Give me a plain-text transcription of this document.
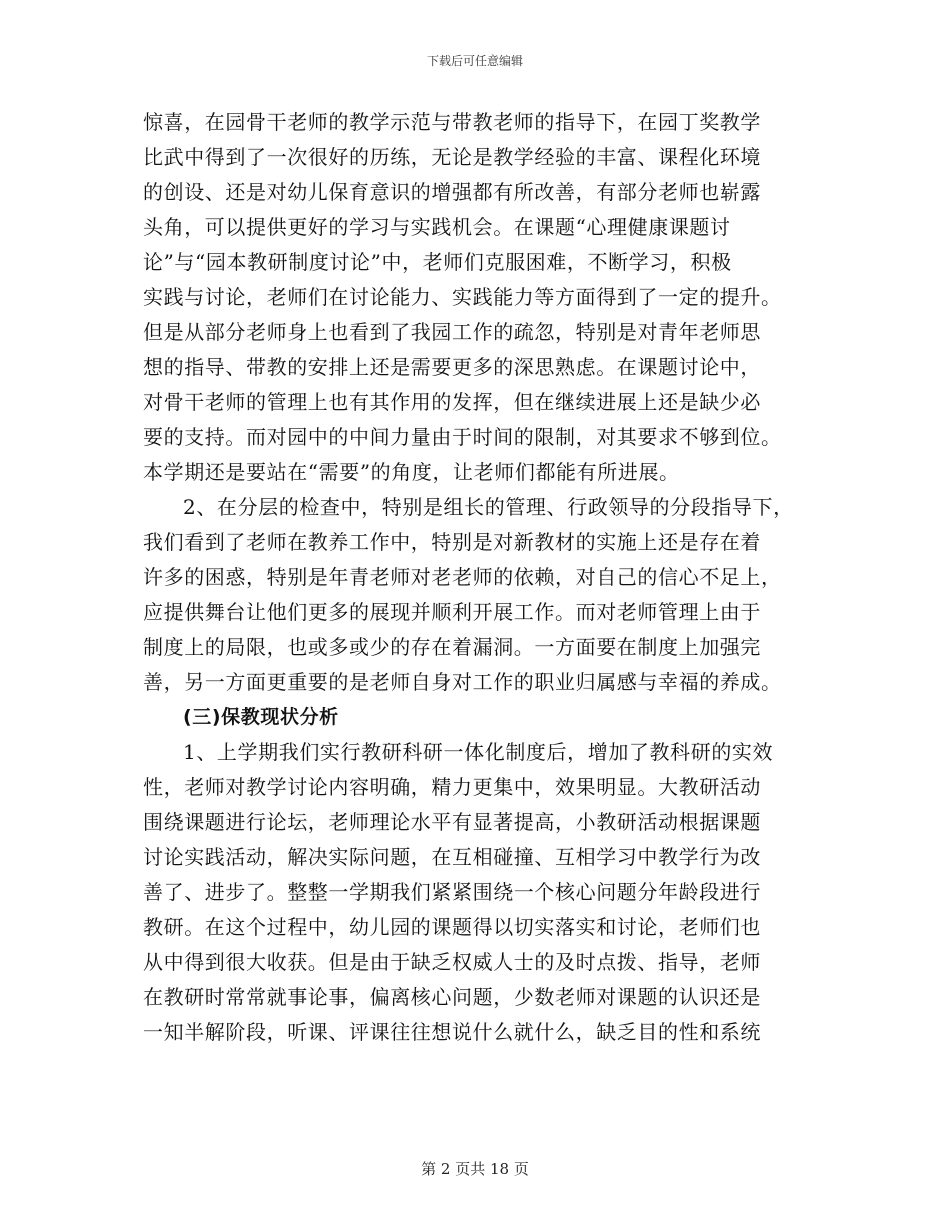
下载后可任意编辑

惊喜，在园骨干老师的教学示范与带教老师的指导下，在园丁奖教学

比武中得到了一次很好的历练，无论是教学经验的丰富、课程化环境

的创设、还是对幼儿保育意识的增强都有所改善，有部分老师也崭露

头角，可以提供更好的学习与实践机会。在课题“心理健康课题讨

论”与“园本教研制度讨论”中，老师们克服困难，不断学习，积极

实践与讨论，老师们在讨论能力、实践能力等方面得到了一定的提升。

但是从部分老师身上也看到了我园工作的疏忽，特别是对青年老师思

想的指导、带教的安排上还是需要更多的深思熟虑。在课题讨论中，

对骨干老师的管理上也有其作用的发挥，但在继续进展上还是缺少必

要的支持。而对园中的中间力量由于时间的限制，对其要求不够到位。

本学期还是要站在“需要”的角度，让老师们都能有所进展。

2、在分层的检查中，特别是组长的管理、行政领导的分段指导下，

我们看到了老师在教养工作中，特别是对新教材的实施上还是存在着

许多的困惑，特别是年青老师对老老师的依赖，对自己的信心不足上，

应提供舞台让他们更多的展现并顺利开展工作。而对老师管理上由于

制度上的局限，也或多或少的存在着漏洞。一方面要在制度上加强完

善，另一方面更重要的是老师自身对工作的职业归属感与幸福的养成。

(三)保教现状分析

1、上学期我们实行教研科研一体化制度后，增加了教科研的实效

性，老师对教学讨论内容明确，精力更集中，效果明显。大教研活动

围绕课题进行论坛，老师理论水平有显著提高，小教研活动根据课题

讨论实践活动，解决实际问题，在互相碰撞、互相学习中教学行为改

善了、进步了。整整一学期我们紧紧围绕一个核心问题分年龄段进行

教研。在这个过程中，幼儿园的课题得以切实落实和讨论，老师们也

从中得到很大收获。但是由于缺乏权威人士的及时点拨、指导，老师

在教研时常常就事论事，偏离核心问题，少数老师对课题的认识还是

一知半解阶段，听课、评课往往想说什么就什么，缺乏目的性和系统

第 2 页共 18 页
